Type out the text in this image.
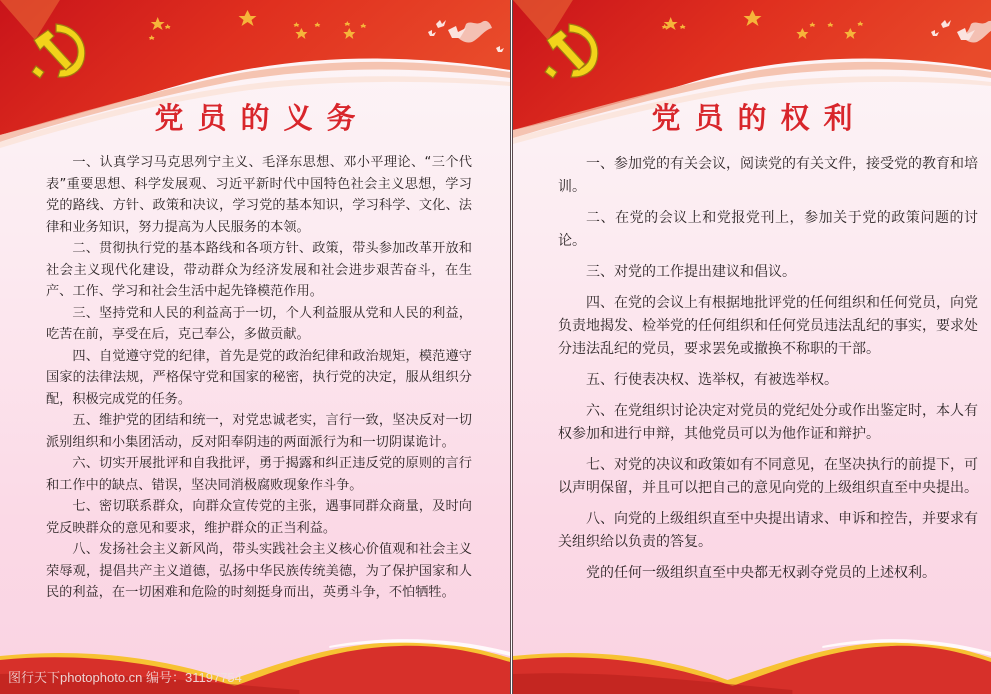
党员的义务

一、认真学习马克思列宁主义、毛泽东思想、邓小平理论、“三个代表”重要思想、科学发展观、习近平新时代中国特色社会主义思想，学习党的路线、方针、政策和决议，学习党的基本知识，学习科学、文化、法律和业务知识，努力提高为人民服务的本领。

二、贯彻执行党的基本路线和各项方针、政策，带头参加改革开放和社会主义现代化建设，带动群众为经济发展和社会进步艰苦奋斗，在生产、工作、学习和社会生活中起先锋模范作用。

三、坚持党和人民的利益高于一切，个人利益服从党和人民的利益，吃苦在前，享受在后，克己奉公，多做贡献。

四、自觉遵守党的纪律，首先是党的政治纪律和政治规矩，模范遵守国家的法律法规，严格保守党和国家的秘密，执行党的决定，服从组织分配，积极完成党的任务。

五、维护党的团结和统一，对党忠诚老实，言行一致，坚决反对一切派别组织和小集团活动，反对阳奉阴违的两面派行为和一切阴谋诡计。

六、切实开展批评和自我批评，勇于揭露和纠正违反党的原则的言行和工作中的缺点、错误，坚决同消极腐败现象作斗争。

七、密切联系群众，向群众宣传党的主张，遇事同群众商量，及时向党反映群众的意见和要求，维护群众的正当利益。

八、发扬社会主义新风尚，带头实践社会主义核心价值观和社会主义荣辱观，提倡共产主义道德，弘扬中华民族传统美德，为了保护国家和人民的利益，在一切困难和危险的时刻挺身而出，英勇斗争，不怕牺牲。

图行天下photophoto.cn 编号：31197754
党员的权利

一、参加党的有关会议，阅读党的有关文件，接受党的教育和培训。

二、在党的会议上和党报党刊上，参加关于党的政策问题的讨论。

三、对党的工作提出建议和倡议。

四、在党的会议上有根据地批评党的任何组织和任何党员，向党负责地揭发、检举党的任何组织和任何党员违法乱纪的事实，要求处分违法乱纪的党员，要求罢免或撤换不称职的干部。

五、行使表决权、选举权，有被选举权。

六、在党组织讨论决定对党员的党纪处分或作出鉴定时，本人有权参加和进行申辩，其他党员可以为他作证和辩护。

七、对党的决议和政策如有不同意见，在坚决执行的前提下，可以声明保留，并且可以把自己的意见向党的上级组织直至中央提出。

八、向党的上级组织直至中央提出请求、申诉和控告，并要求有关组织给以负责的答复。

党的任何一级组织直至中央都无权剥夺党员的上述权利。
